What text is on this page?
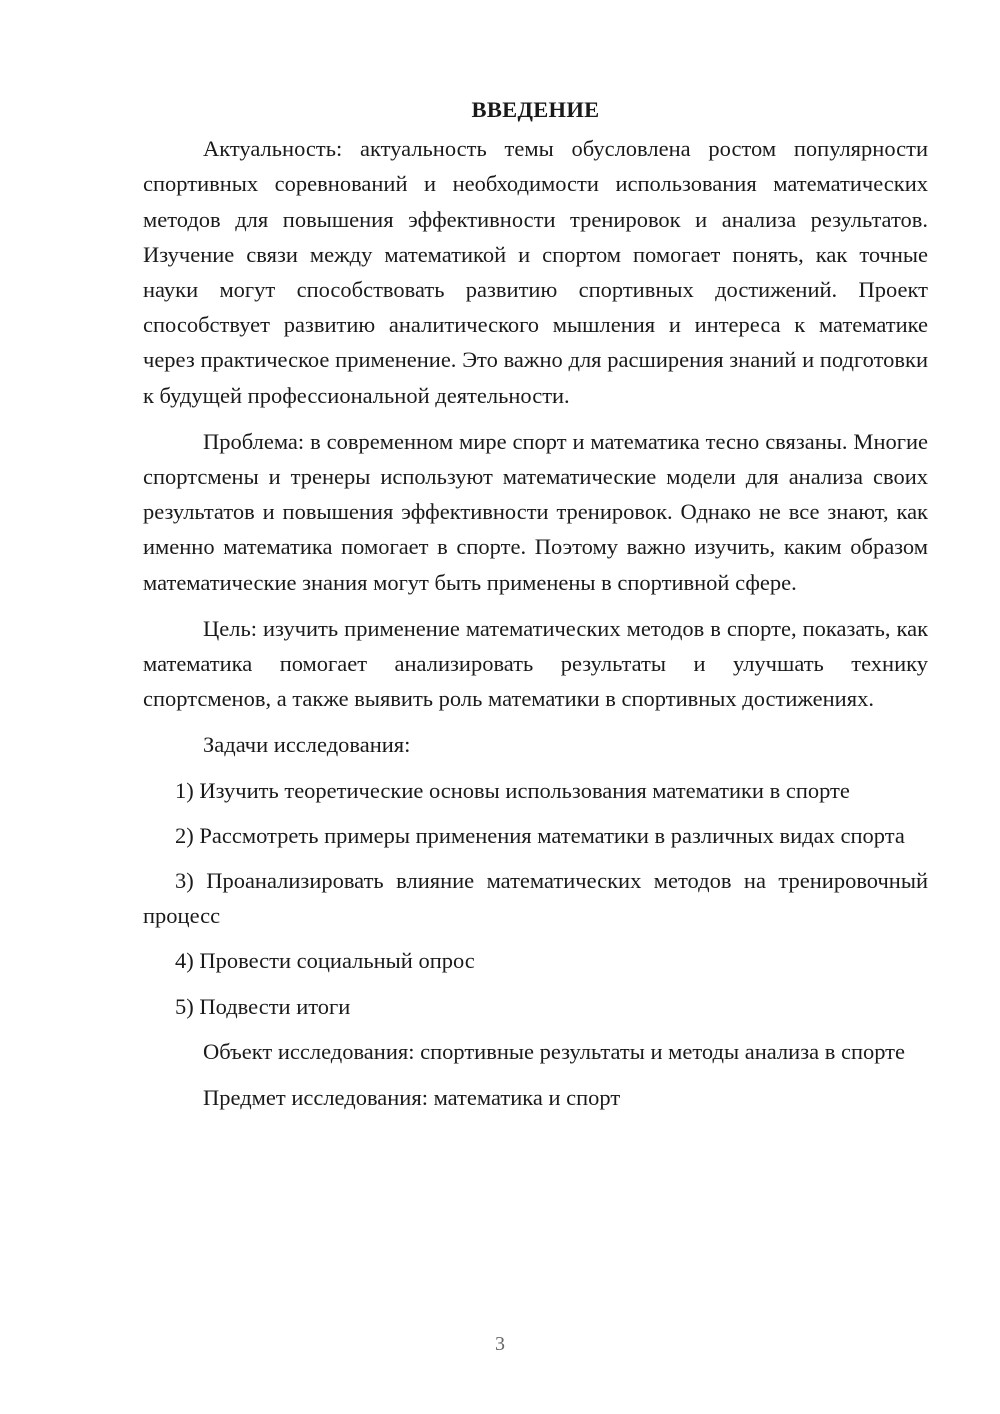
ВВЕДЕНИЕ

Актуальность: актуальность темы обусловлена ростом популярности спортивных соревнований и необходимости использования математических методов для повышения эффективности тренировок и анализа результатов. Изучение связи между математикой и спортом помогает понять, как точные науки могут способствовать развитию спортивных достижений. Проект способствует развитию аналитического мышления и интереса к математике через практическое применение. Это важно для расширения знаний и подготовки к будущей профессиональной деятельности.

Проблема: в современном мире спорт и математика тесно связаны. Многие спортсмены и тренеры используют математические модели для анализа своих результатов и повышения эффективности тренировок. Однако не все знают, как именно математика помогает в спорте. Поэтому важно изучить, каким образом математические знания могут быть применены в спортивной сфере.

Цель: изучить применение математических методов в спорте, показать, как математика помогает анализировать результаты и улучшать технику спортсменов, а также выявить роль математики в спортивных достижениях.

Задачи исследования:

1) Изучить теоретические основы использования математики в спорте

2) Рассмотреть примеры применения математики в различных видах спорта

3) Проанализировать влияние математических методов на тренировочный процесс

4) Провести социальный опрос

5) Подвести итоги

Объект исследования: спортивные результаты и методы анализа в спорте

Предмет исследования: математика и спорт

3
